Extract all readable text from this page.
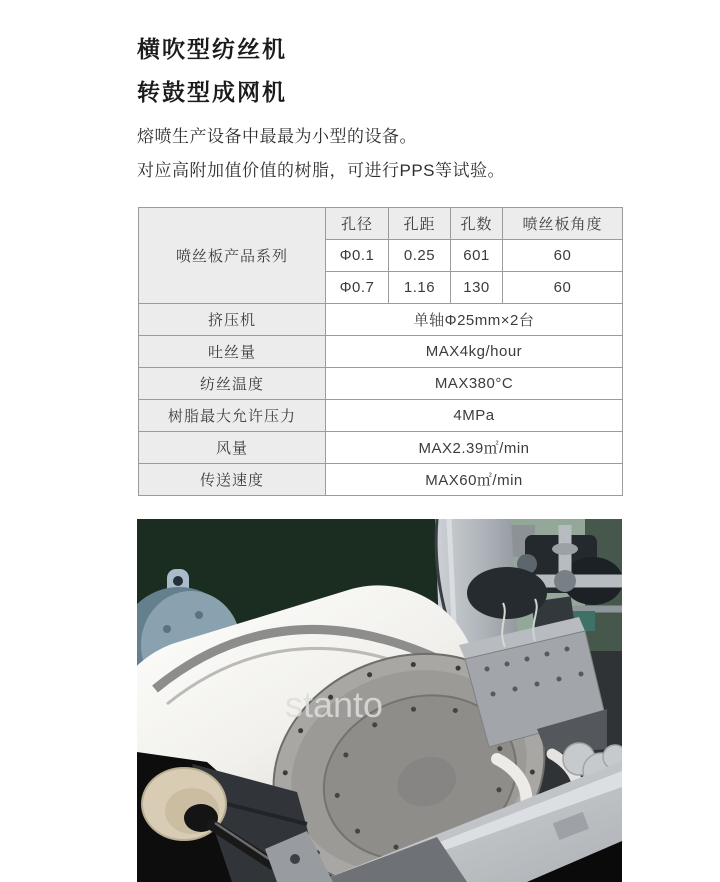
横吹型纺丝机
转鼓型成网机
熔喷生产设备中最最为小型的设备。
对应高附加值价值的树脂，可进行PPS等试验。
喷丝板产品系列	孔径	孔距	孔数	喷丝板角度
	Φ0.1	0.25	601	60
	Φ0.7	1.16	130	60
挤压机	单轴Φ25mm×2台			
吐丝量	MAX4kg/hour			
纺丝温度	MAX380°C			
树脂最大允许压力	4MPa			
风量	MAX2.39㎡/min			
传送速度	MAX60㎡/min			
stanto
